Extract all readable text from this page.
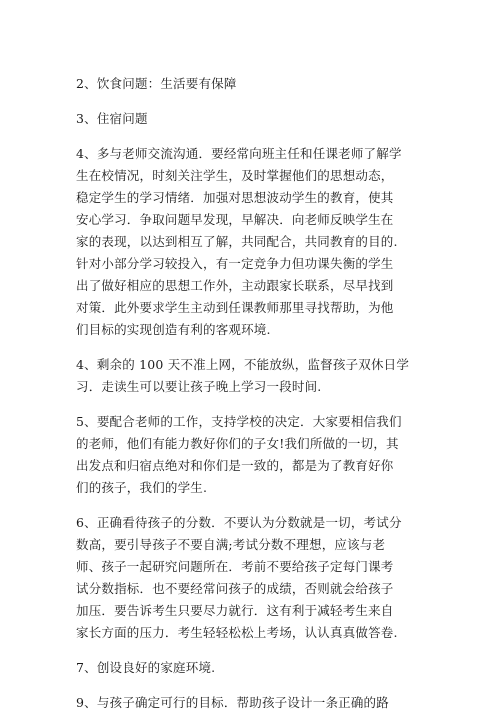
2、饮食问题：生活要有保障
3、住宿问题
4、多与老师交流沟通．要经常向班主任和任课老师了解学
生在校情况，时刻关注学生，及时掌握他们的思想动态，
稳定学生的学习情绪．加强对思想波动学生的教育，使其
安心学习．争取问题早发现，早解决．向老师反映学生在
家的表现，以达到相互了解，共同配合，共同教育的目的.
针对小部分学习较投入，有一定竞争力但功课失衡的学生
出了做好相应的思想工作外，主动跟家长联系，尽早找到
对策．此外要求学生主动到任课教师那里寻找帮助，为他
们目标的实现创造有利的客观环境.
4、剩余的 100 天不准上网，不能放纵，监督孩子双休日学
习．走读生可以要让孩子晚上学习一段时间.
5、要配合老师的工作，支持学校的决定．大家要相信我们
的老师，他们有能力教好你们的子女!我们所做的一切，其
出发点和归宿点绝对和你们是一致的，都是为了教育好你
们的孩子，我们的学生.
6、正确看待孩子的分数．不要认为分数就是一切，考试分
数高，要引导孩子不要自满;考试分数不理想，应该与老
师、孩子一起研究问题所在．考前不要给孩子定每门课考
试分数指标．也不要经常问孩子的成绩，否则就会给孩子
加压．要告诉考生只要尽力就行．这有利于减轻考生来自
家长方面的压力．考生轻轻松松上考场，认认真真做答卷.
7、创设良好的家庭环境.
9、与孩子确定可行的目标．帮助孩子设计一条正确的路
